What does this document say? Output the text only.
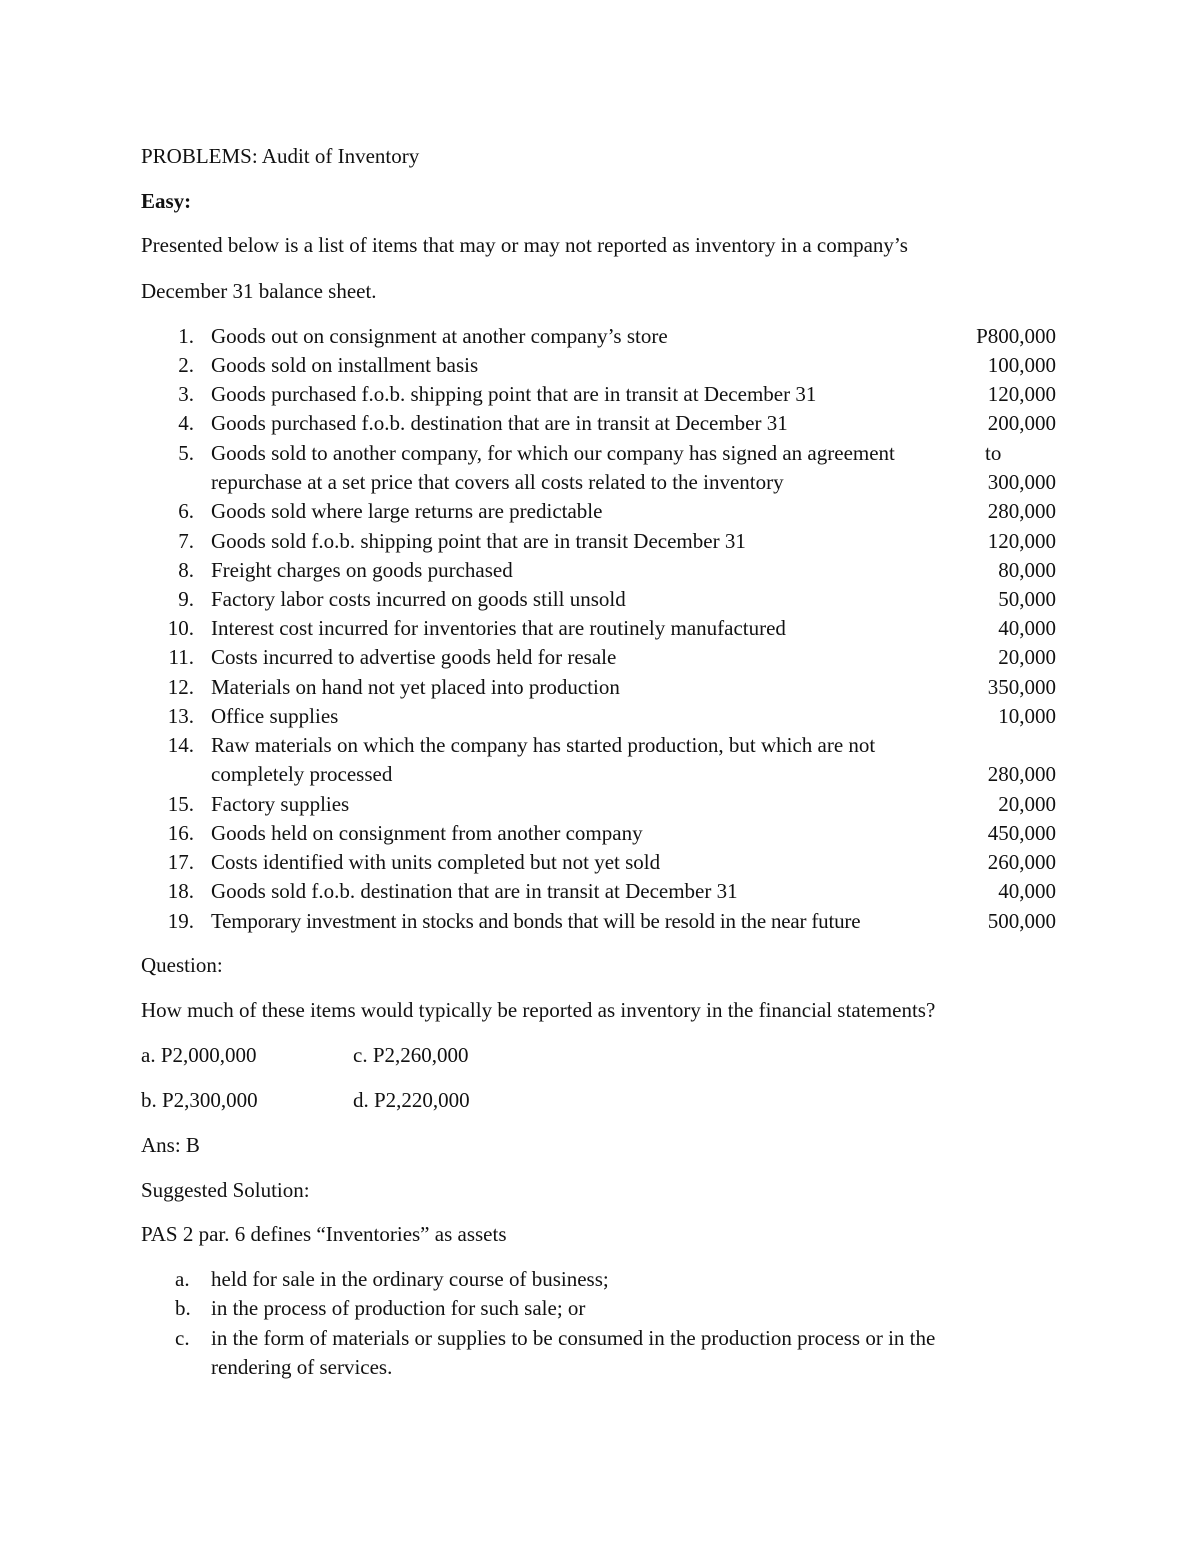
PROBLEMS: Audit of Inventory
Easy:
Presented below is a list of items that may or may not reported as inventory in a company’s
December 31 balance sheet.
1. Goods out on consignment at another company’s store	P800,000
2. Goods sold on installment basis	100,000
3. Goods purchased f.o.b. shipping point that are in transit at December 31	120,000
4. Goods purchased f.o.b. destination that are in transit at December 31	200,000
5. Goods sold to another company, for which our company has signed an agreement	to
repurchase at a set price that covers all costs related to the inventory	300,000
6. Goods sold where large returns are predictable	280,000
7. Goods sold f.o.b. shipping point that are in transit December 31	120,000
8. Freight charges on goods purchased	80,000
9. Factory labor costs incurred on goods still unsold	50,000
10. Interest cost incurred for inventories that are routinely manufactured	40,000
11. Costs incurred to advertise goods held for resale	20,000
12. Materials on hand not yet placed into production	350,000
13. Office supplies	10,000
14. Raw materials on which the company has started production, but which are not
completely processed	280,000
15. Factory supplies	20,000
16. Goods held on consignment from another company	450,000
17. Costs identified with units completed but not yet sold	260,000
18. Goods sold f.o.b. destination that are in transit at December 31	40,000
19. Temporary investment in stocks and bonds that will be resold in the near future	500,000
Question:
How much of these items would typically be reported as inventory in the financial statements?
a. P2,000,000	c. P2,260,000
b. P2,300,000	d. P2,220,000
Ans: B
Suggested Solution:
PAS 2 par. 6 defines “Inventories” as assets
a. held for sale in the ordinary course of business;
b. in the process of production for such sale; or
c. in the form of materials or supplies to be consumed in the production process or in the
rendering of services.
